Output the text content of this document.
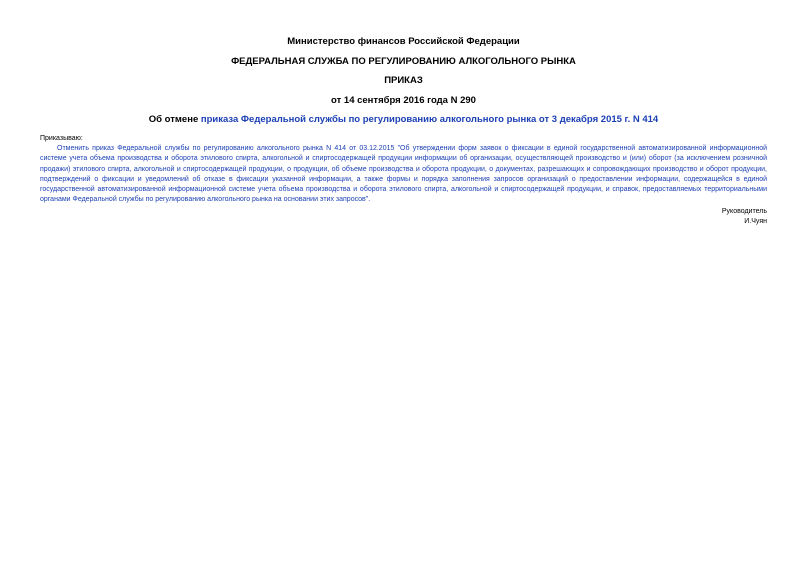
Министерство финансов Российской Федерации
ФЕДЕРАЛЬНАЯ СЛУЖБА ПО РЕГУЛИРОВАНИЮ АЛКОГОЛЬНОГО РЫНКА
ПРИКАЗ
от 14 сентября 2016 года N 290
Об отмене приказа Федеральной службы по регулированию алкогольного рынка от 3 декабря 2015 г. N 414
Приказываю:
Отменить приказ Федеральной службы по регулированию алкогольного рынка N 414 от 03.12.2015 "Об утверждении форм заявок о фиксации в единой государственной автоматизированной информационной системе учета объема производства и оборота этилового спирта, алкогольной и спиртосодержащей продукции информации об организации, осуществляющей производство и (или) оборот (за исключением розничной продажи) этилового спирта, алкогольной и спиртосодержащей продукции, о продукции, об объеме производства и оборота продукции, о документах, разрешающих и сопровождающих производство и оборот продукции, подтверждений о фиксации и уведомлений об отказе в фиксации указанной информации, а также формы и порядка заполнения запросов организаций о предоставлении информации, содержащейся в единой государственной автоматизированной информационной системе учета объема производства и оборота этилового спирта, алкогольной и спиртосодержащей продукции, и справок, предоставляемых территориальными органами Федеральной службы по регулированию алкогольного рынка на основании этих запросов".
Руководитель
И.Чуян
